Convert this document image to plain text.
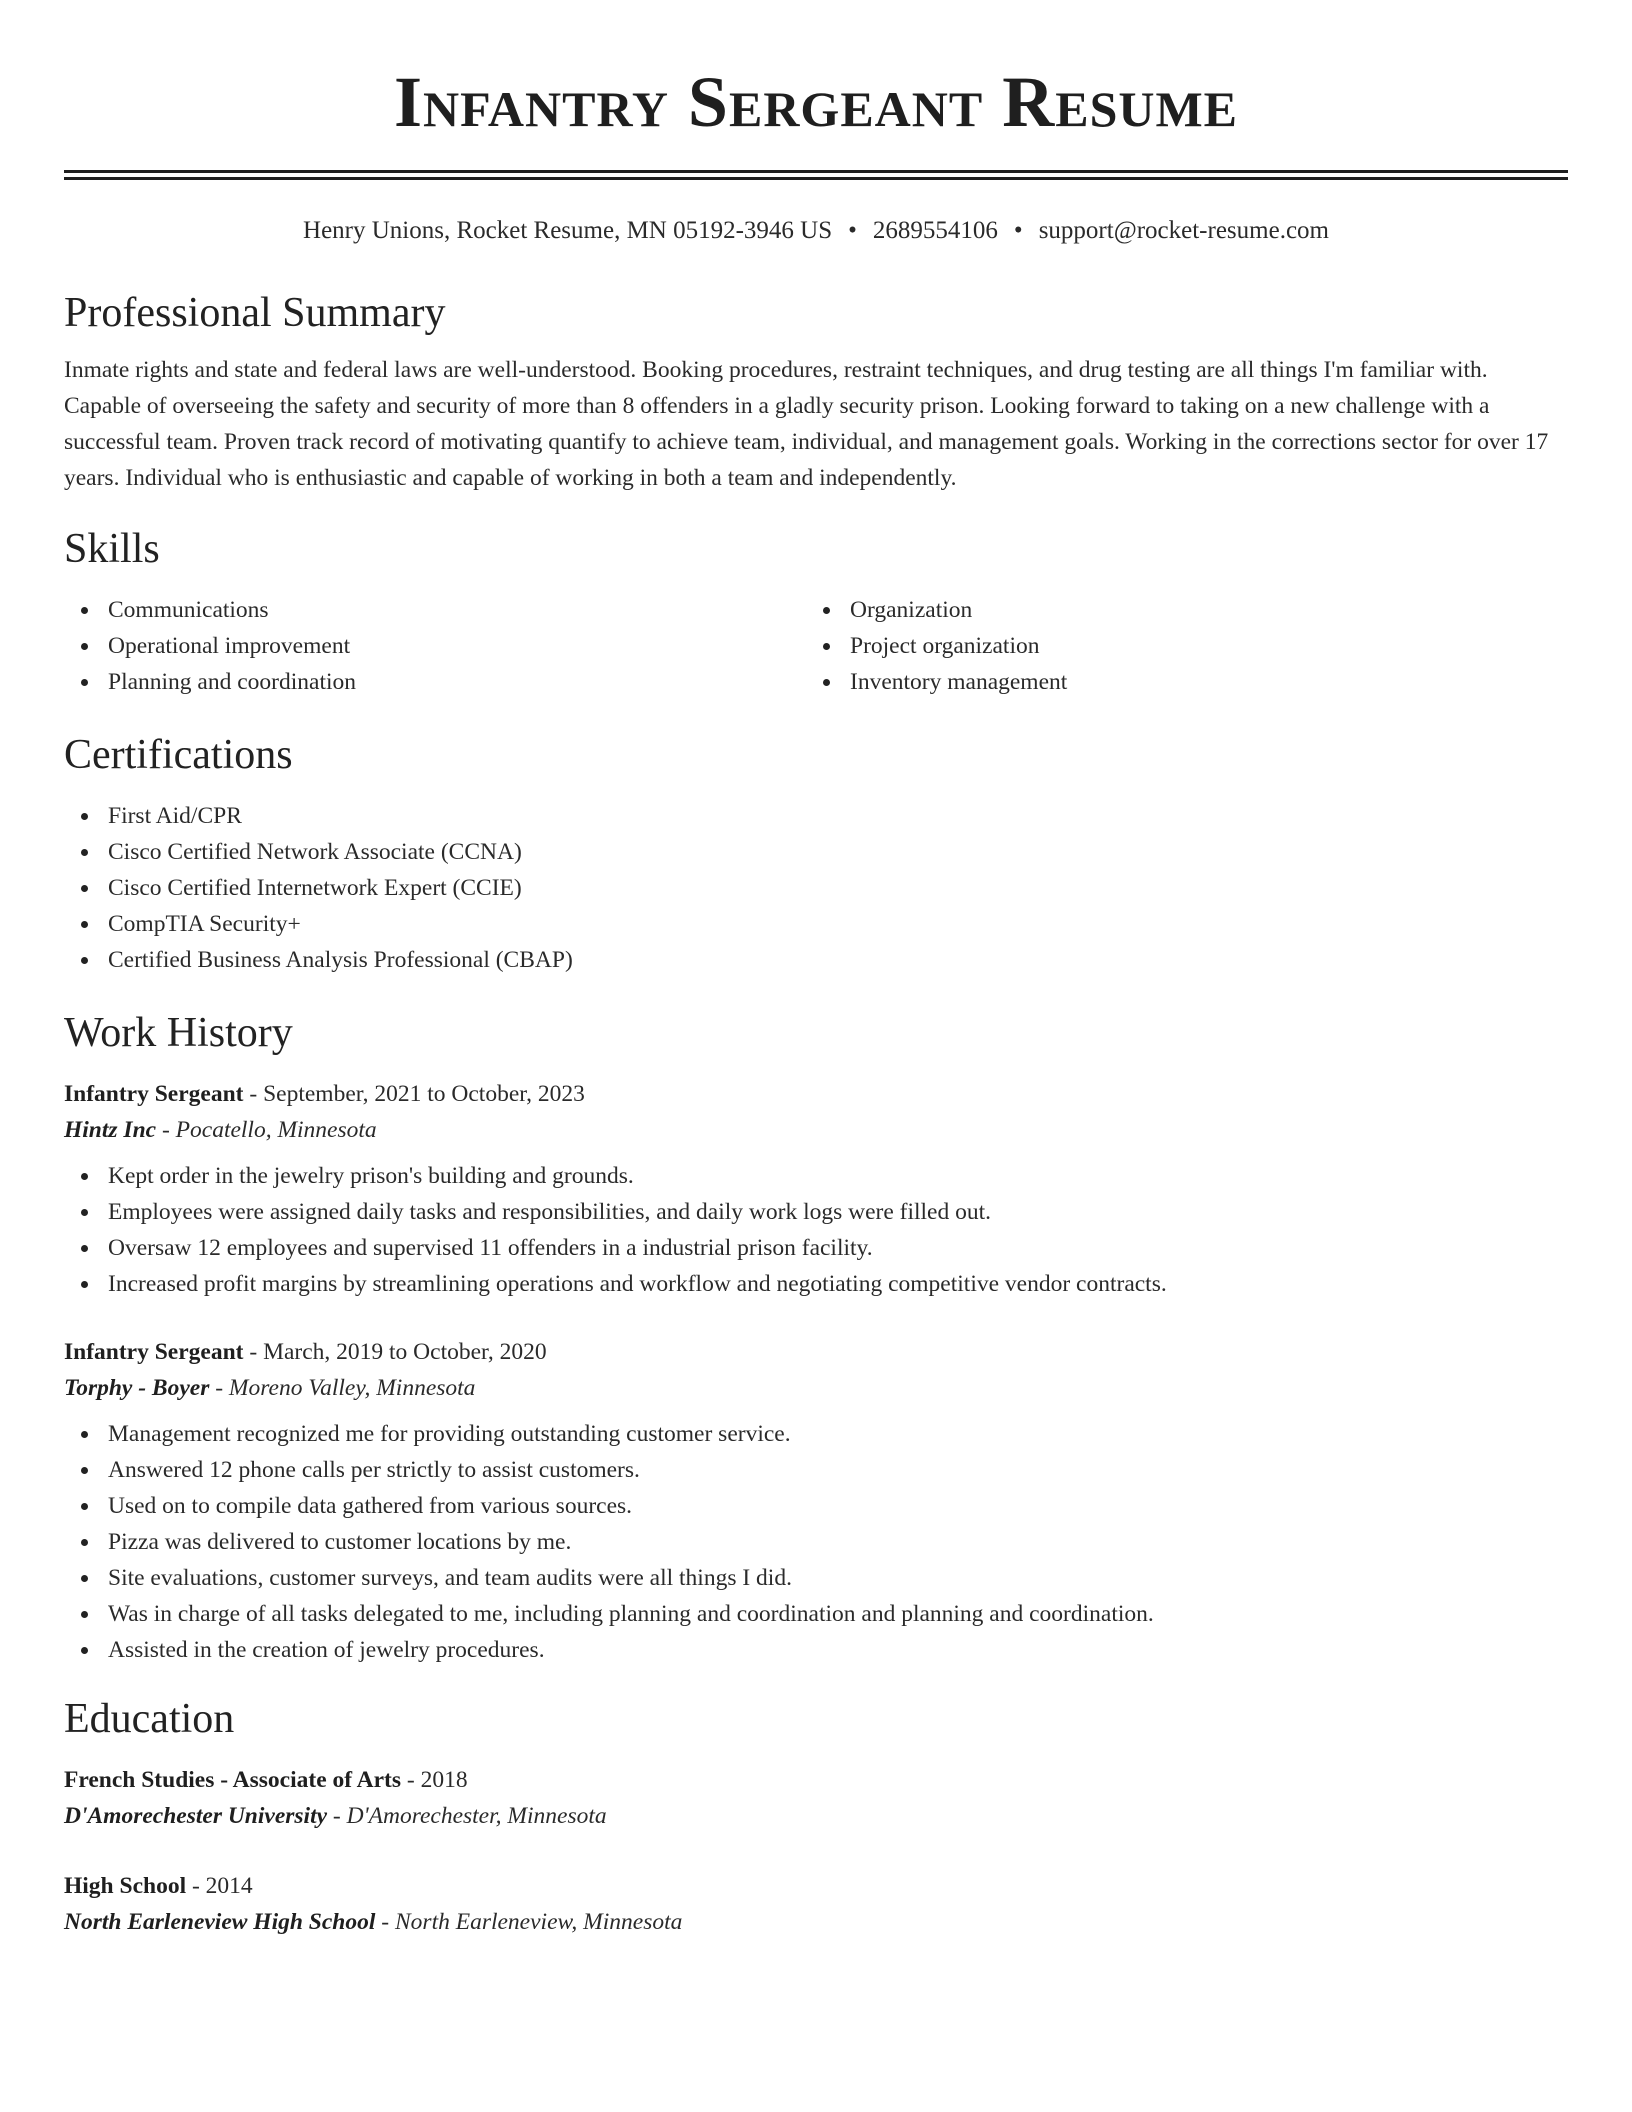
Infantry Sergeant Resume
Henry Unions, Rocket Resume, MN 05192-3946 US • 2689554106 • support@rocket-resume.com
Professional Summary

Inmate rights and state and federal laws are well-understood. Booking procedures, restraint techniques, and drug testing are all things I'm familiar with. Capable of overseeing the safety and security of more than 8 offenders in a gladly security prison. Looking forward to taking on a new challenge with a successful team. Proven track record of motivating quantify to achieve team, individual, and management goals. Working in the corrections sector for over 17 years. Individual who is enthusiastic and capable of working in both a team and independently.

Skills
Communications
Operational improvement
Planning and coordination
Organization
Project organization
Inventory management
Certifications
First Aid/CPR
Cisco Certified Network Associate (CCNA)
Cisco Certified Internetwork Expert (CCIE)
CompTIA Security+
Certified Business Analysis Professional (CBAP)
Work History
Infantry Sergeant - September, 2021 to October, 2023
Hintz Inc - Pocatello, Minnesota
Kept order in the jewelry prison's building and grounds.
Employees were assigned daily tasks and responsibilities, and daily work logs were filled out.
Oversaw 12 employees and supervised 11 offenders in a industrial prison facility.
Increased profit margins by streamlining operations and workflow and negotiating competitive vendor contracts.
Infantry Sergeant - March, 2019 to October, 2020
Torphy - Boyer - Moreno Valley, Minnesota
Management recognized me for providing outstanding customer service.
Answered 12 phone calls per strictly to assist customers.
Used on to compile data gathered from various sources.
Pizza was delivered to customer locations by me.
Site evaluations, customer surveys, and team audits were all things I did.
Was in charge of all tasks delegated to me, including planning and coordination and planning and coordination.
Assisted in the creation of jewelry procedures.
Education
French Studies - Associate of Arts - 2018
D'Amorechester University - D'Amorechester, Minnesota
High School - 2014
North Earleneview High School - North Earleneview, Minnesota
